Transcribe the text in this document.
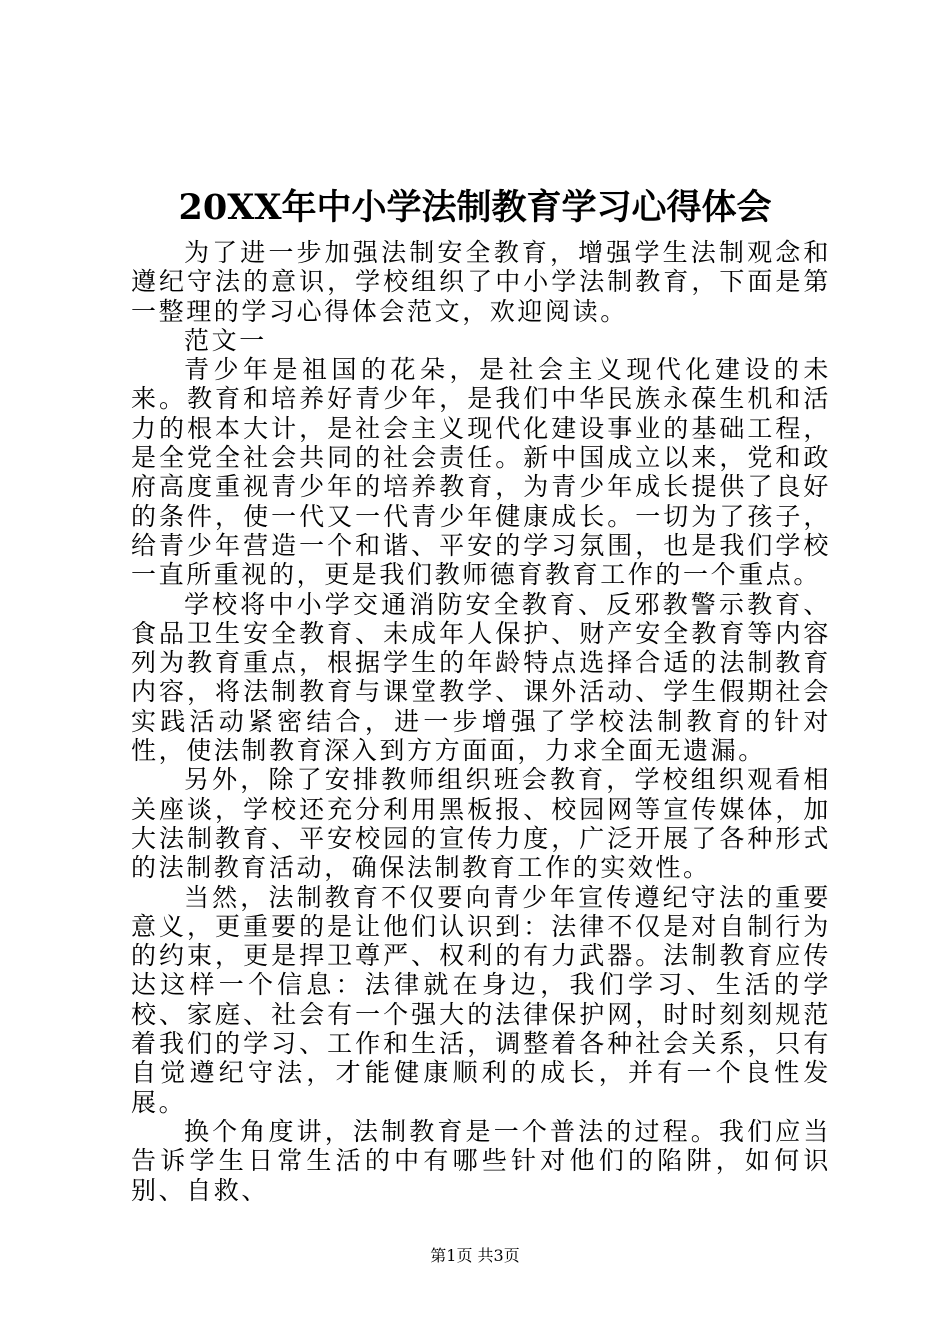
20XX年中小学法制教育学习心得体会

为了进一步加强法制安全教育，增强学生法制观念和遵纪守法的意识，学校组织了中小学法制教育，下面是第一整理的学习心得体会范文，欢迎阅读。

范文一

青少年是祖国的花朵，是社会主义现代化建设的未来。教育和培养好青少年，是我们中华民族永葆生机和活力的根本大计，是社会主义现代化建设事业的基础工程，是全党全社会共同的社会责任。新中国成立以来，党和政府高度重视青少年的培养教育，为青少年成长提供了良好的条件，使一代又一代青少年健康成长。一切为了孩子，给青少年营造一个和谐、平安的学习氛围，也是我们学校一直所重视的，更是我们教师德育教育工作的一个重点。

学校将中小学交通消防安全教育、反邪教警示教育、食品卫生安全教育、未成年人保护、财产安全教育等内容列为教育重点，根据学生的年龄特点选择合适的法制教育内容，将法制教育与课堂教学、课外活动、学生假期社会实践活动紧密结合，进一步增强了学校法制教育的针对性，使法制教育深入到方方面面，力求全面无遗漏。

另外，除了安排教师组织班会教育，学校组织观看相关座谈，学校还充分利用黑板报、校园网等宣传媒体，加大法制教育、平安校园的宣传力度，广泛开展了各种形式的法制教育活动，确保法制教育工作的实效性。

当然，法制教育不仅要向青少年宣传遵纪守法的重要意义，更重要的是让他们认识到：法律不仅是对自制行为的约束，更是捍卫尊严、权利的有力武器。法制教育应传达这样一个信息：法律就在身边，我们学习、生活的学校、家庭、社会有一个强大的法律保护网，时时刻刻规范着我们的学习、工作和生活，调整着各种社会关系，只有自觉遵纪守法，才能健康顺利的成长，并有一个良性发展。

换个角度讲，法制教育是一个普法的过程。我们应当告诉学生日常生活的中有哪些针对他们的陷阱，如何识别、自救、

第1页 共3页
